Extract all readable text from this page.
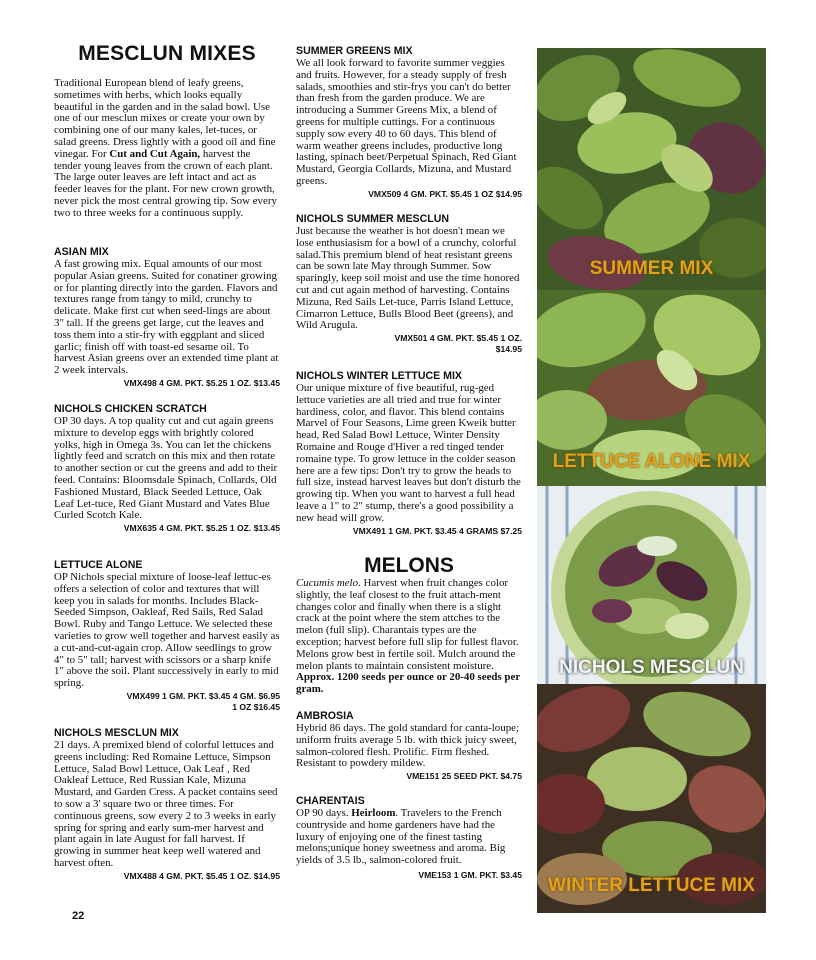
MESCLUN MIXES

Traditional European blend of leafy greens, sometimes with herbs, which looks equally beautiful in the garden and in the salad bowl. Use one of our mesclun mixes or create your own by combining one of our many kales, let-tuces, or salad greens. Dress lightly with a good oil and fine vinegar. For Cut and Cut Again, harvest the tender young leaves from the crown of each plant. The large outer leaves are left intact and act as feeder leaves for the plant. For new crown growth, never pick the most central growing tip. Sow every two to three weeks for a continuous supply.

ASIAN MIX

A fast growing mix. Equal amounts of our most popular Asian greens. Suited for conatiner growing or for planting directly into the garden. Flavors and textures range from tangy to mild, crunchy to delicate. Make first cut when seed-lings are about 3" tall. If the greens get large, cut the leaves and toss them into a stir-fry with eggplant and sliced garlic; finish off with toast-ed sesame oil. To harvest Asian greens over an extended time plant at 2 week intervals.

VMX498 4 GM. PKT. $5.25 1 OZ. $13.45
NICHOLS CHICKEN SCRATCH

OP 30 days. A top quality cut and cut again greens mixture to develop eggs with brightly colored yolks, high in Omega 3s. You can let the chickens lightly feed and scratch on this mix and then rotate to another section or cut the greens and add to their feed. Contains: Bloomsdale Spinach, Collards, Old Fashioned Mustard, Black Seeded Lettuce, Oak Leaf Let-tuce, Red Giant Mustard and Vates Blue Curled Scotch Kale.

VMX635 4 GM. PKT. $5.25 1 OZ. $13.45
LETTUCE ALONE

OP Nichols special mixture of loose-leaf lettuc-es offers a selection of color and textures that will keep you in salads for months. Includes Black-Seeded Simpson, Oakleaf, Red Sails, Red Salad Bowl. Ruby and Tango Lettuce. We selected these varieties to grow well together and harvest easily as a cut-and-cut-again crop. Allow seedlings to grow 4" to 5" tall; harvest with scissors or a sharp knife 1" above the soil. Plant successively in early to mid spring.

VMX499 1 GM. PKT. $3.45 4 GM. $6.95
1 OZ $16.45
NICHOLS MESCLUN MIX

21 days. A premixed blend of colorful lettuces and greens including: Red Romaine Lettuce, Simpson Lettuce, Salad Bowl Lettuce, Oak Leaf , Red Oakleaf Lettuce, Red Russian Kale, Mizuna Mustard, and Garden Cress. A packet contains seed to sow a 3' square two or three times. For continuous greens, sow every 2 to 3 weeks in early spring for spring and early sum-mer harvest and plant again in late August for fall harvest. If growing in summer heat keep well watered and harvest often.

VMX488 4 GM. PKT. $5.45 1 OZ. $14.95
22
SUMMER GREENS MIX

We all look forward to favorite summer veggies and fruits. However, for a steady supply of fresh salads, smoothies and stir-frys you can't do better than fresh from the garden produce. We are introducing a Summer Greens Mix, a blend of greens for multiple cuttings. For a continuous supply sow every 40 to 60 days. This blend of warm weather greens includes, productive long lasting, spinach beet/Perpetual Spinach, Red Giant Mustard, Georgia Collards, Mizuna, and Mustard greens.

VMX509 4 GM. PKT. $5.45 1 OZ $14.95
NICHOLS SUMMER MESCLUN

Just because the weather is hot doesn't mean we lose enthusiasism for a bowl of a crunchy, colorful salad.This premium blend of heat resistant greens can be sown late May through Summer. Sow sparingly, keep soil moist and use the time honored cut and cut again method of harvesting. Contains Mizuna, Red Sails Let-tuce, Parris Island Lettuce, Cimarron Lettuce, Bulls Blood Beet (greens), and Wild Arugula.

VMX501 4 GM. PKT. $5.45 1 OZ.
$14.95
NICHOLS WINTER LETTUCE MIX

Our unique mixture of five beautiful, rug-ged lettuce varieties are all tried and true for winter hardiness, color, and flavor. This blend contains Marvel of Four Seasons, Lime green Kweik butter head, Red Salad Bowl Lettuce, Winter Density Romaine and Rouge d'Hiver a red tinged tender romaine type. To grow lettuce in the colder season here are a few tips: Don't try to grow the heads to full size, instead harvest leaves but don't disturb the growing tip. When you want to harvest a full head leave a 1" to 2" stump, there's a good possibility a new head will grow.

VMX491 1 GM. PKT. $3.45 4 GRAMS $7.25
MELONS

Cucumis melo. Harvest when fruit changes color slightly, the leaf closest to the fruit attach-ment changes color and finally when there is a slight crack at the point where the stem attches to the melon (full slip). Charantais types are the exception; harvest before full slip for fullest flavor. Melons grow best in fertile soil. Mulch around the melon plants to maintain consistent moisture. Approx. 1200 seeds per ounce or 20-40 seeds per gram.

AMBROSIA

Hybrid 86 days. The gold standard for canta-loupe; uniform fruits average 5 lb. with thick juicy sweet, salmon-colored flesh. Prolific. Firm fleshed. Resistant to powdery mildew.

VME151 25 SEED PKT. $4.75
CHARENTAIS

OP 90 days. Heirloom. Travelers to the French countryside and home gardeners have had the luxury of enjoying one of the finest tasting melons;unique honey sweetness and aroma. Big yields of 3.5 lb., salmon-colored fruit.

VME153 1 GM. PKT. $3.45
SUMMER MIX
LETTUCE ALONE MIX
NICHOLS MESCLUN
WINTER LETTUCE MIX
